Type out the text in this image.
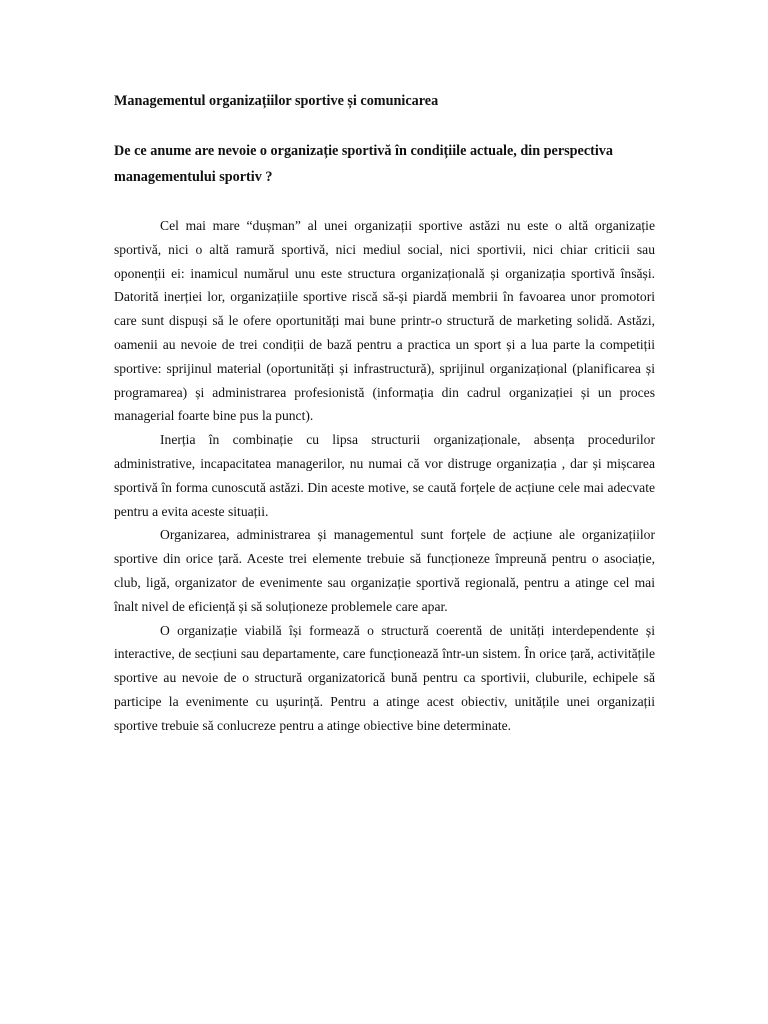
Managementul organizațiilor sportive și comunicarea
De ce anume are nevoie o organizație sportivă în condițiile actuale, din perspectiva managementului sportiv ?

Cel mai mare “dușman” al unei organizații sportive astăzi nu este o altă organizație sportivă, nici o altă ramură sportivă, nici mediul social, nici sportivii, nici chiar criticii sau oponenții ei: inamicul numărul unu este structura organizațională și organizația sportivă însăși. Datorită inerției lor, organizațiile sportive riscă să-și piardă membrii în favoarea unor promotori care sunt dispuși să le ofere oportunități mai bune printr-o structură de marketing solidă. Astăzi, oamenii au nevoie de trei condiții de bază pentru a practica un sport și a lua parte la competiții sportive: sprijinul material (oportunități și infrastructură), sprijinul organizațional (planificarea și programarea) și administrarea profesionistă (informația din cadrul organizației și un proces managerial foarte bine pus la punct).

Inerția în combinație cu lipsa structurii organizaționale, absența procedurilor administrative, incapacitatea managerilor, nu numai că vor distruge organizația , dar și mișcarea sportivă în forma cunoscută astăzi. Din aceste motive, se caută forțele de acțiune cele mai adecvate pentru a evita aceste situații.

Organizarea, administrarea și managementul sunt forțele de acțiune ale organizațiilor sportive din orice țară. Aceste trei elemente trebuie să funcționeze împreună pentru o asociație, club, ligă, organizator de evenimente sau organizație sportivă regională, pentru a atinge cel mai înalt nivel de eficiență și să soluționeze problemele care apar.

O organizație viabilă își formează o structură coerentă de unități interdependente și interactive, de secțiuni sau departamente, care funcționează într-un sistem. În orice țară, activitățile sportive au nevoie de o structură organizatorică bună pentru ca sportivii, cluburile, echipele să participe la evenimente cu ușurință. Pentru a atinge acest obiectiv, unitățile unei organizații sportive trebuie să conlucreze pentru a atinge obiective bine determinate.
